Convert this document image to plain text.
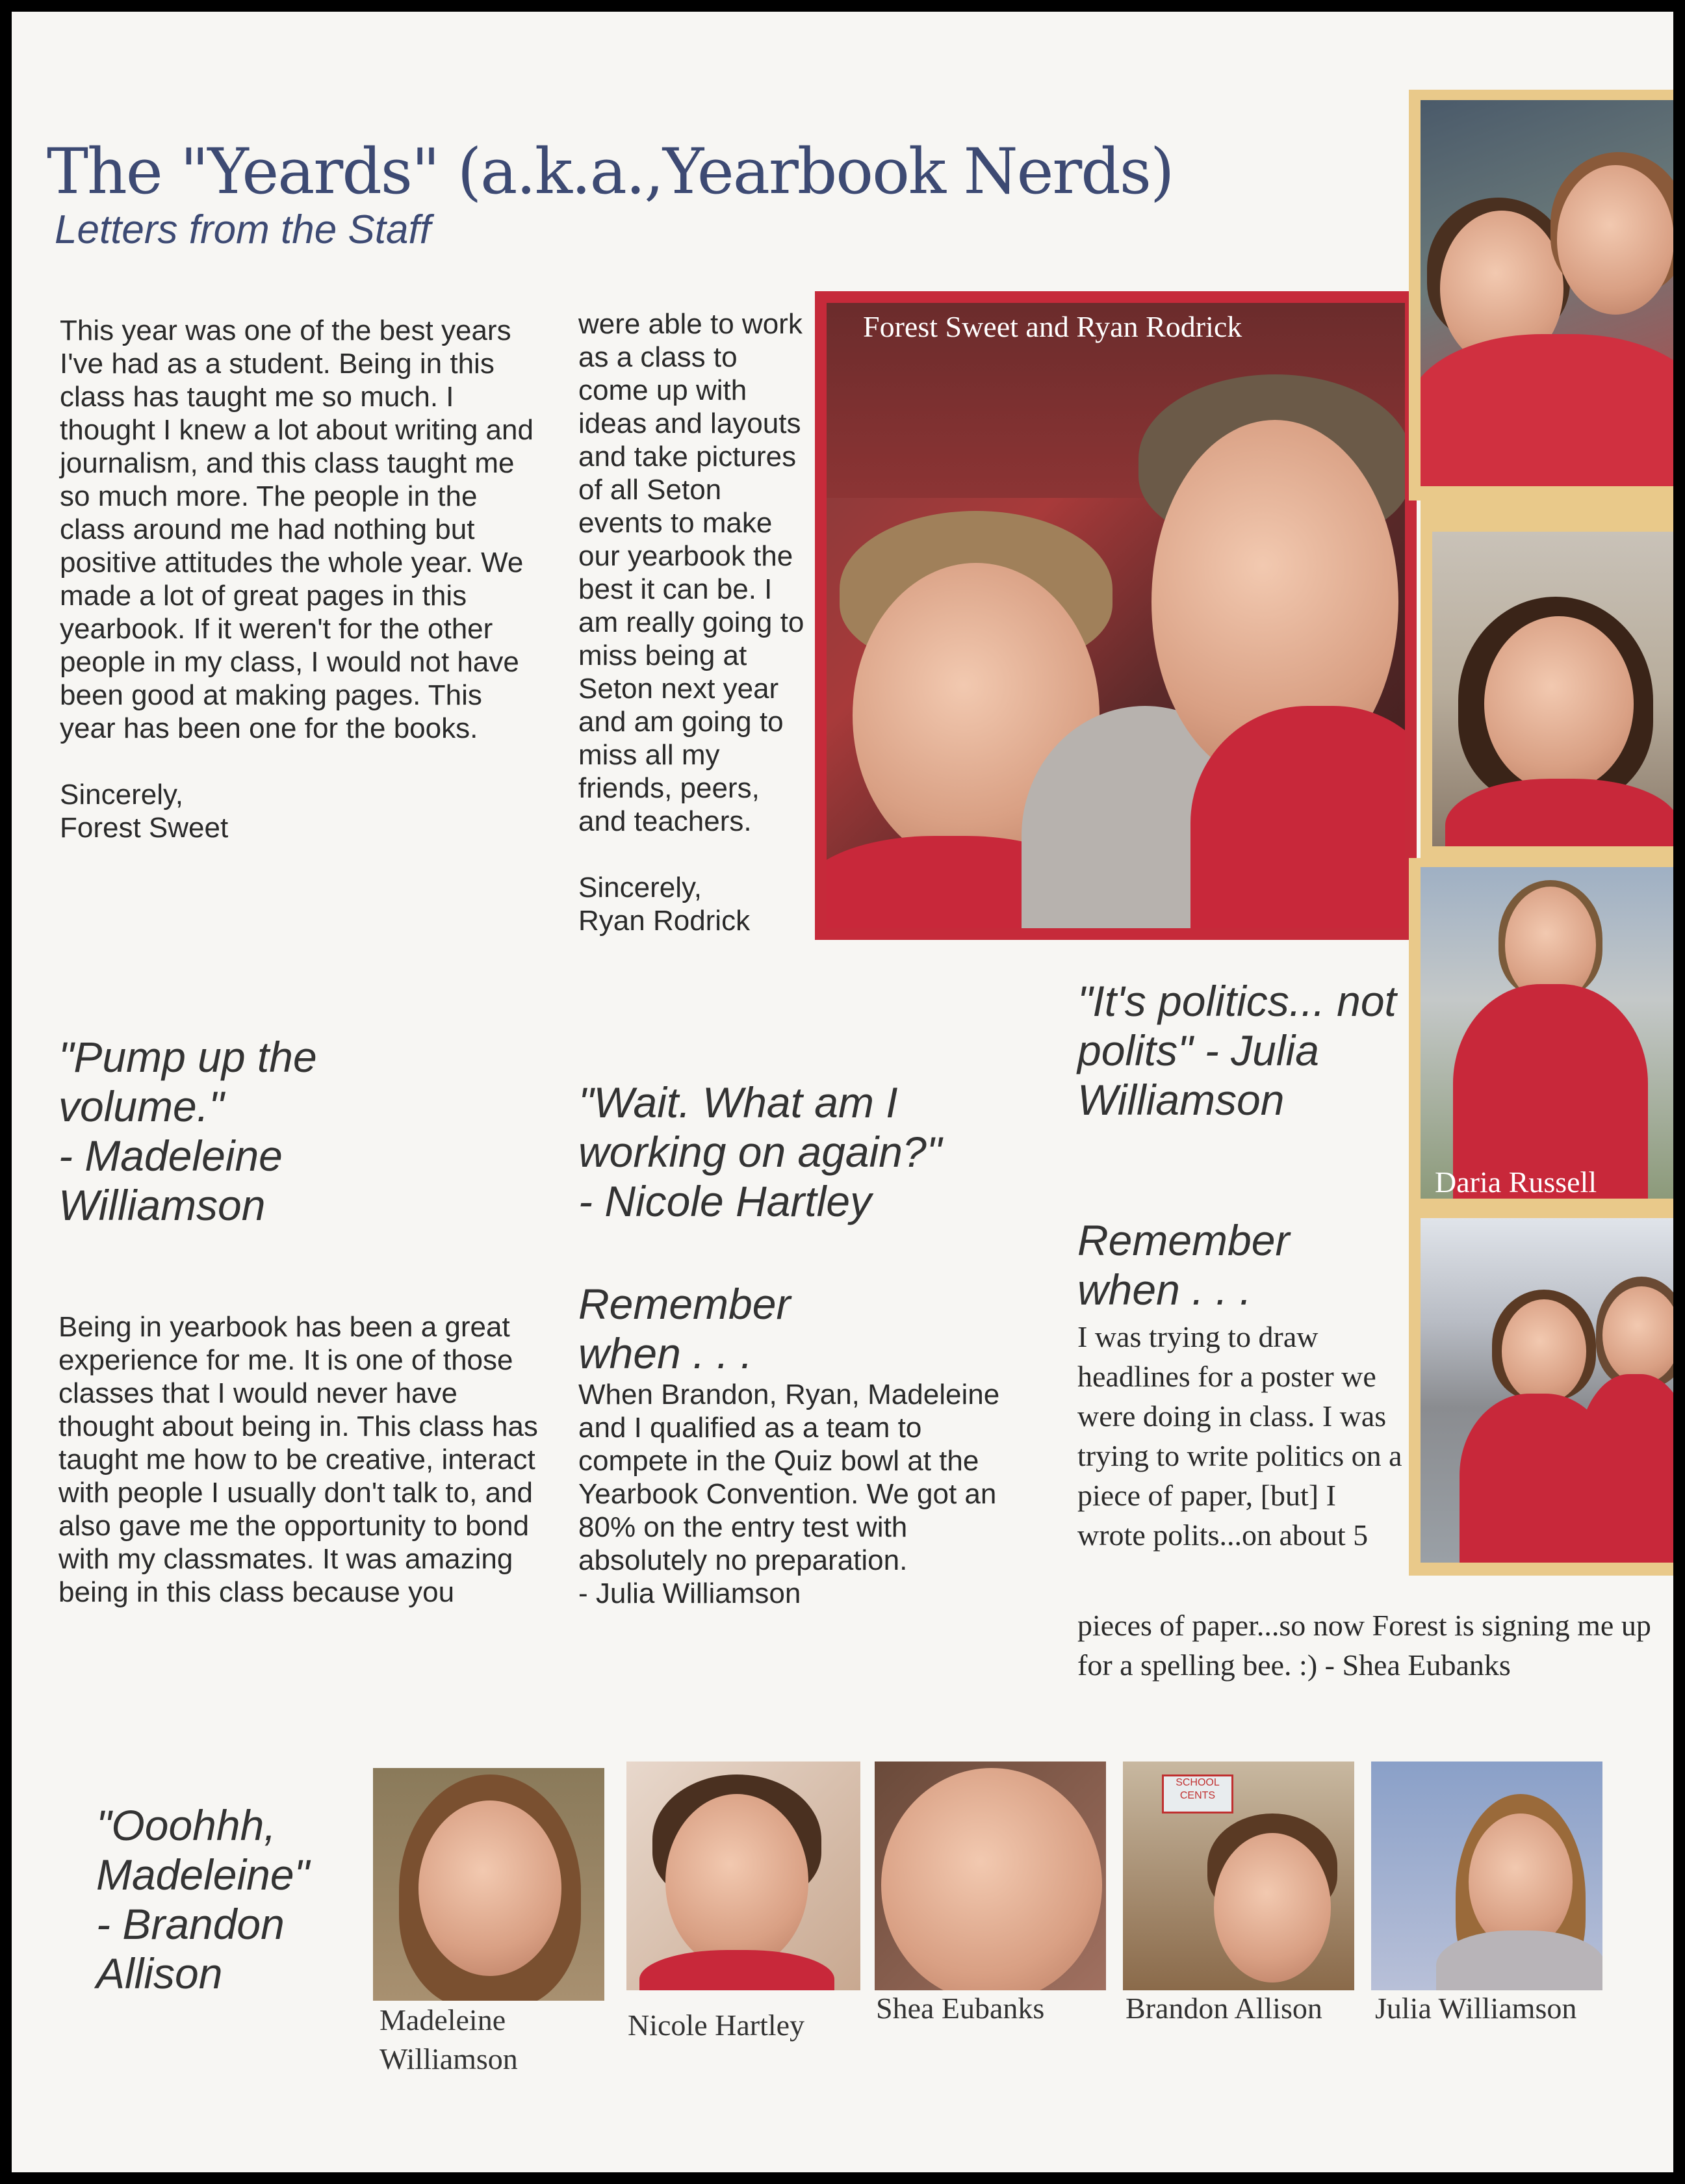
The "Yeards" (a.k.a.,Yearbook Nerds)
Letters from the Staff
This year was one of the best years I've had as a student. Being in this class has taught me so much. I thought I knew a lot about writing and journalism, and this class taught me so much more. The people in the class around me had nothing but positive attitudes the whole year. We made a lot of great pages in this yearbook. If it weren't for the other people in my class, I would not have been good at making pages. This year has been one for the books.
Sincerely,
Forest Sweet
"Pump up the volume."
- Madeleine Williamson
Being in yearbook has been a great experience for me. It is one of those classes that I would never have thought about being in. This class has taught me how to be creative, interact with people I usually don't talk to, and also gave me the opportunity to bond with my classmates. It was amazing being in this class because you
were able to work as a class to come up with ideas and layouts and take pictures of all Seton events to make our yearbook the best it can be. I am really going to miss being at Seton next year and am going to miss all my friends, peers, and teachers.
Sincerely,
Ryan Rodrick
"Wait. What am I working on again?"
- Nicole Hartley
Remember when . . .
When Brandon, Ryan, Madeleine and I qualified as a team to compete in the Quiz bowl at the Yearbook Convention. We got an 80% on the entry test with absolutely no preparation.
- Julia Williamson
Forest Sweet and Ryan Rodrick
Daria Russell
"It's politics... not polits" - Julia Williamson
Remember when . . .
I was trying to draw headlines for a poster we were doing in class. I was trying to write politics on a piece of paper, [but] I wrote polits...on about 5
pieces of paper...so now Forest is signing me up for a spelling bee. :) - Shea Eubanks
"Ooohhh, Madeleine"
- Brandon Allison
Madeleine
Williamson
Nicole Hartley
Shea Eubanks
SCHOOL CENTS
Brandon Allison Julia Williamson
